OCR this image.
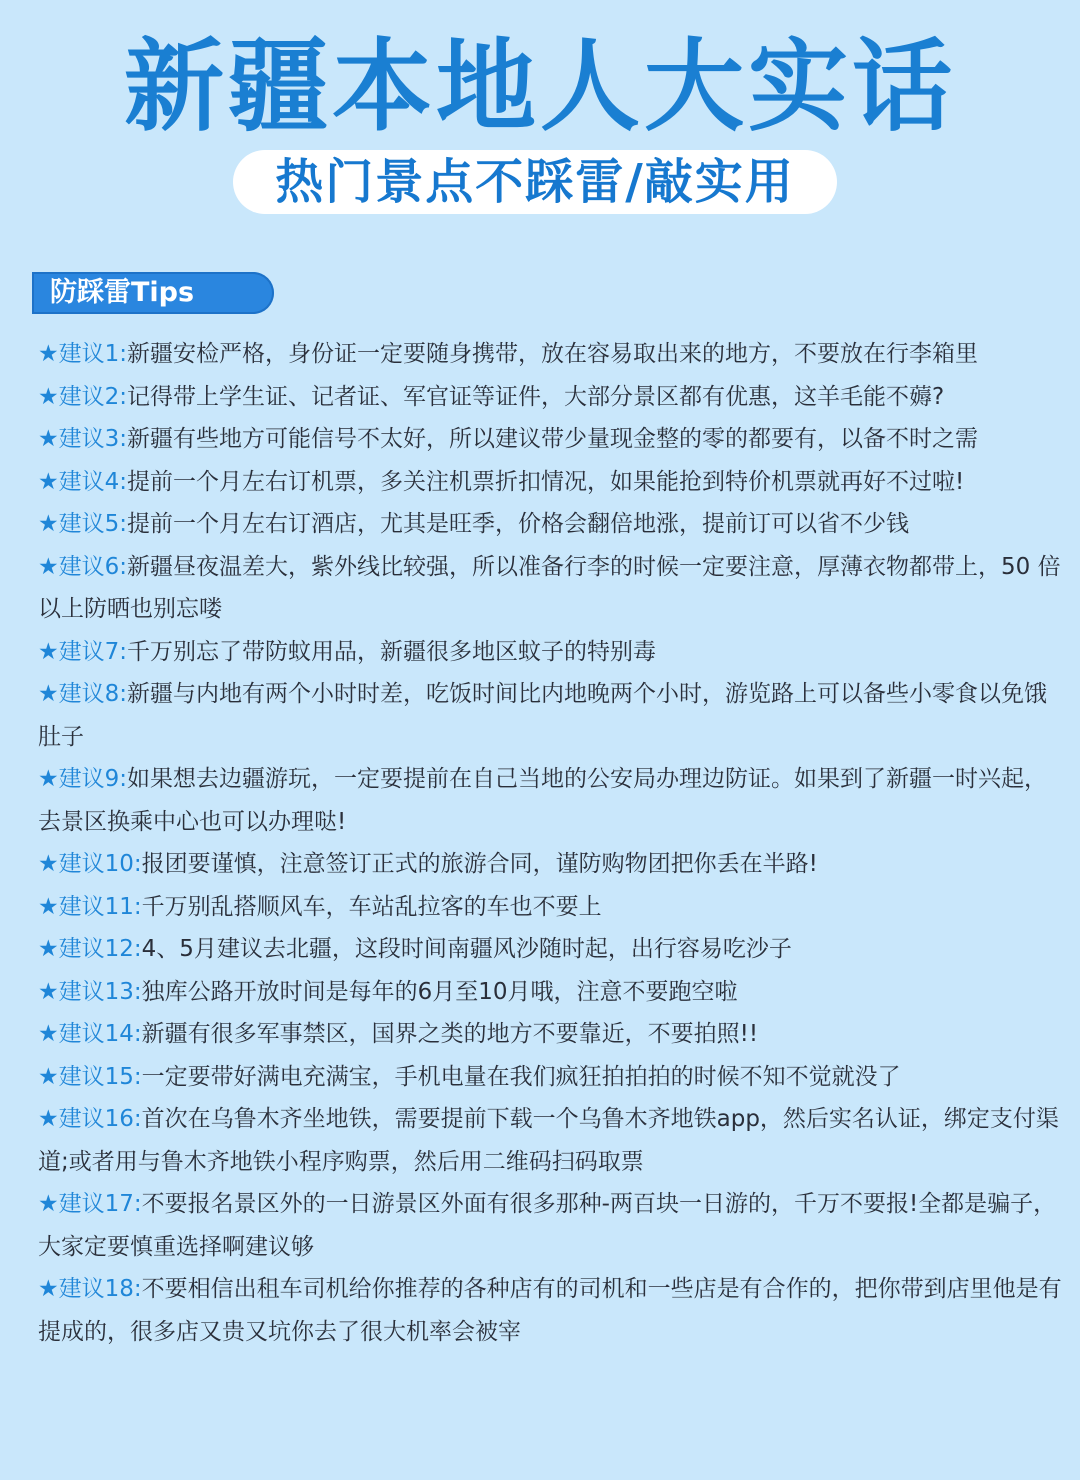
新疆本地人大实话
热门景点不踩雷/敲实用
防踩雷Tips
★建议1:新疆安检严格，身份证一定要随身携带，放在容易取出来的地方，不要放在行李箱里
★建议2:记得带上学生证、记者证、军官证等证件，大部分景区都有优惠，这羊毛能不薅?
★建议3:新疆有些地方可能信号不太好，所以建议带少量现金整的零的都要有，以备不时之需
★建议4:提前一个月左右订机票，多关注机票折扣情况，如果能抢到特价机票就再好不过啦!
★建议5:提前一个月左右订酒店，尤其是旺季，价格会翻倍地涨，提前订可以省不少钱
★建议6:新疆昼夜温差大，紫外线比较强，所以准备行李的时候一定要注意，厚薄衣物都带上，50 倍以上防晒也别忘喽
★建议7:千万别忘了带防蚊用品，新疆很多地区蚊子的特别毒
★建议8:新疆与内地有两个小时时差，吃饭时间比内地晚两个小时，游览路上可以备些小零食以免饿肚子
★建议9:如果想去边疆游玩，一定要提前在自己当地的公安局办理边防证。如果到了新疆一时兴起，去景区换乘中心也可以办理哒!
★建议10:报团要谨慎，注意签订正式的旅游合同，谨防购物团把你丢在半路!
★建议11:千万别乱搭顺风车，车站乱拉客的车也不要上
★建议12:4、5月建议去北疆，这段时间南疆风沙随时起，出行容易吃沙子
★建议13:独库公路开放时间是每年的6月至10月哦，注意不要跑空啦
★建议14:新疆有很多军事禁区，国界之类的地方不要靠近，不要拍照!!
★建议15:一定要带好满电充满宝，手机电量在我们疯狂拍拍拍的时候不知不觉就没了
★建议16:首次在乌鲁木齐坐地铁，需要提前下载一个乌鲁木齐地铁app，然后实名认证，绑定支付渠道;或者用与鲁木齐地铁小程序购票，然后用二维码扫码取票
★建议17:不要报名景区外的一日游景区外面有很多那种-两百块一日游的，千万不要报!全都是骗子，大家定要慎重选择啊建议够
★建议18:不要相信出租车司机给你推荐的各种店有的司机和一些店是有合作的，把你带到店里他是有提成的，很多店又贵又坑你去了很大机率会被宰
